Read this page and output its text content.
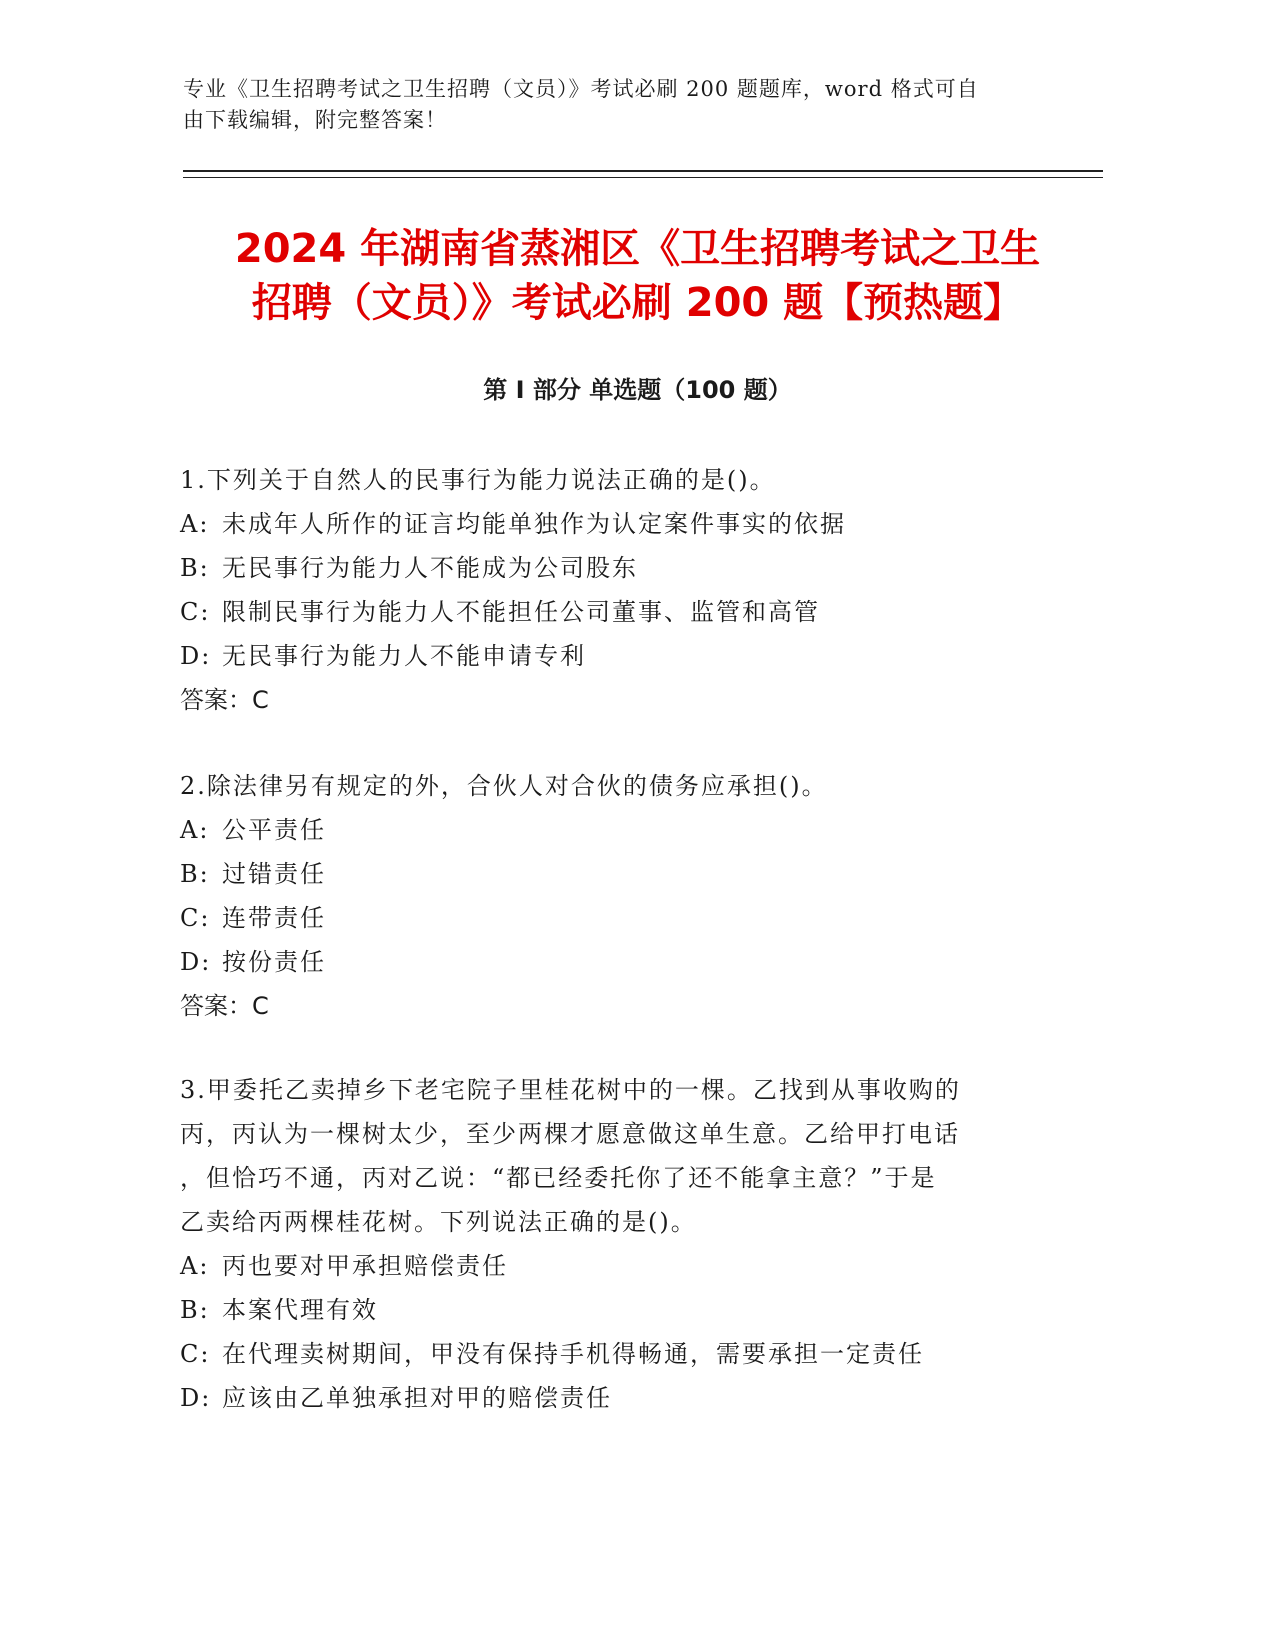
专业《卫生招聘考试之卫生招聘（文员）》考试必刷 200 题题库，word 格式可自
由下载编辑，附完整答案！

2024 年湖南省蒸湘区《卫生招聘考试之卫生
招聘（文员）》考试必刷 200 题【预热题】
第 I 部分 单选题（100 题）

1.下列关于自然人的民事行为能力说法正确的是()。

A: 未成年人所作的证言均能单独作为认定案件事实的依据
B: 无民事行为能力人不能成为公司股东
C: 限制民事行为能力人不能担任公司董事、监管和高管
D: 无民事行为能力人不能申请专利

答案：C

2.除法律另有规定的外，合伙人对合伙的债务应承担()。

A: 公平责任
B: 过错责任
C: 连带责任
D: 按份责任

答案：C

3.甲委托乙卖掉乡下老宅院子里桂花树中的一棵。乙找到从事收购的
丙，丙认为一棵树太少，至少两棵才愿意做这单生意。乙给甲打电话
，但恰巧不通，丙对乙说：“都已经委托你了还不能拿主意？”于是
乙卖给丙两棵桂花树。下列说法正确的是()。

A: 丙也要对甲承担赔偿责任
B: 本案代理有效
C: 在代理卖树期间，甲没有保持手机得畅通，需要承担一定责任
D: 应该由乙单独承担对甲的赔偿责任
